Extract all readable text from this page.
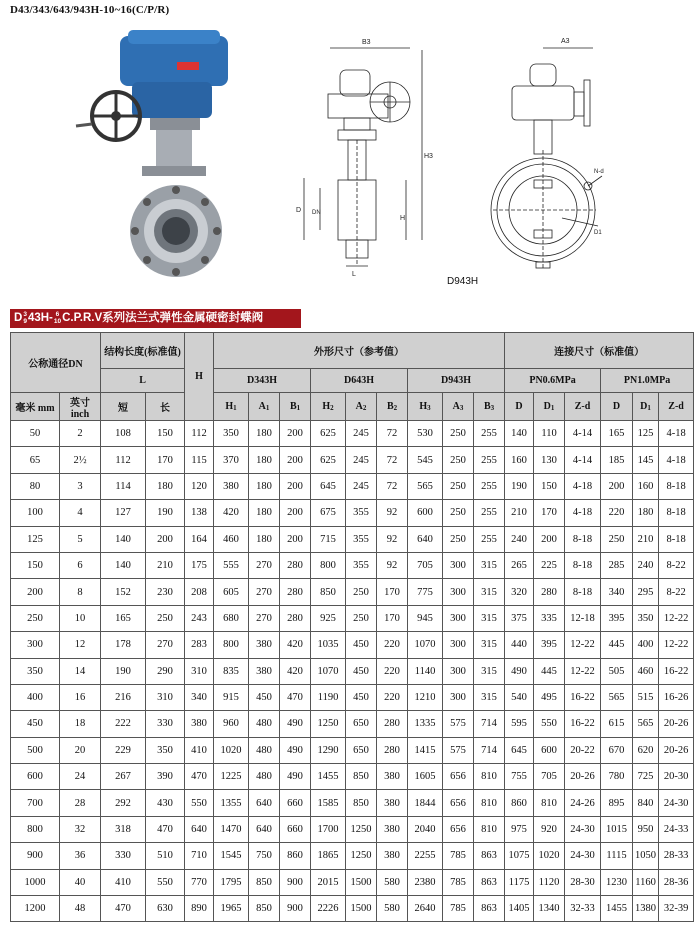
D43/343/643/943H-10~16(C/P/R)
B3
D DN
H3
H
L
A3
N-d
D1
D943H
D 3
9 43H- 6
10 C.P.R.V系列法兰式弹性金属硬密封蝶阀
公称通径DN		结构长度(标准值)		H	外形尺寸（参考值）									连接尺寸（标准值）					
		L			D343H			D643H			D943H			PN0.6MPa			PN1.0MPa		
毫米 mm	英寸 inch	短	长		H1	A1	B1	H2	A2	B2	H3	A3	B3	D	D1	Z-d	D	D1	Z-d
50	2	108	150	112	350	180	200	625	245	72	530	250	255	140	110	4-14	165	125	4-18
65	2½	112	170	115	370	180	200	625	245	72	545	250	255	160	130	4-14	185	145	4-18
80	3	114	180	120	380	180	200	645	245	72	565	250	255	190	150	4-18	200	160	8-18
100	4	127	190	138	420	180	200	675	355	92	600	250	255	210	170	4-18	220	180	8-18
125	5	140	200	164	460	180	200	715	355	92	640	250	255	240	200	8-18	250	210	8-18
150	6	140	210	175	555	270	280	800	355	92	705	300	315	265	225	8-18	285	240	8-22
200	8	152	230	208	605	270	280	850	250	170	775	300	315	320	280	8-18	340	295	8-22
250	10	165	250	243	680	270	280	925	250	170	945	300	315	375	335	12-18	395	350	12-22
300	12	178	270	283	800	380	420	1035	450	220	1070	300	315	440	395	12-22	445	400	12-22
350	14	190	290	310	835	380	420	1070	450	220	1140	300	315	490	445	12-22	505	460	16-22
400	16	216	310	340	915	450	470	1190	450	220	1210	300	315	540	495	16-22	565	515	16-26
450	18	222	330	380	960	480	490	1250	650	280	1335	575	714	595	550	16-22	615	565	20-26
500	20	229	350	410	1020	480	490	1290	650	280	1415	575	714	645	600	20-22	670	620	20-26
600	24	267	390	470	1225	480	490	1455	850	380	1605	656	810	755	705	20-26	780	725	20-30
700	28	292	430	550	1355	640	660	1585	850	380	1844	656	810	860	810	24-26	895	840	24-30
800	32	318	470	640	1470	640	660	1700	1250	380	2040	656	810	975	920	24-30	1015	950	24-33
900	36	330	510	710	1545	750	860	1865	1250	380	2255	785	863	1075	1020	24-30	1115	1050	28-33
1000	40	410	550	770	1795	850	900	2015	1500	580	2380	785	863	1175	1120	28-30	1230	1160	28-36
1200	48	470	630	890	1965	850	900	2226	1500	580	2640	785	863	1405	1340	32-33	1455	1380	32-39
